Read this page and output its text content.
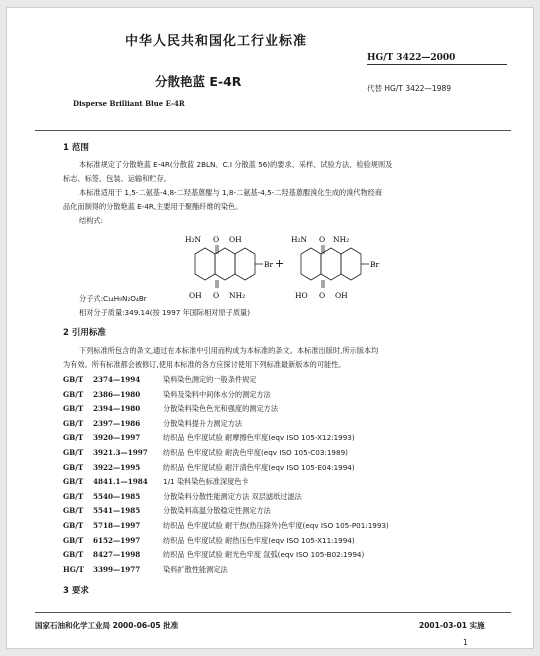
中华人民共和国化工行业标准
HG/T 3422—2000
分散艳蓝 E-4R	代替 HG/T 3422—1989
Disperse Brilliant Blue E-4R
1 范围
本标准规定了分散艳蓝 E-4R(分散蓝 2BLN、C.I 分散蓝 56)的要求、采样、试验方法、检验规则及
标志、标签、包装、运输和贮存。
本标准适用于 1,5-二氨基-4,8-二羟基蒽醌与 1,8-二氨基-4,5-二羟基蒽醌溴化生成的溴代物经商
品化而制得的分散艳蓝 E-4R,主要用于聚酯纤维的染色。
结构式:
H₂N O OH
Br
OH O NH₂
+
H₂N O NH₂
Br
HO O OH
分子式:C₁₄H₉N₂O₄Br
相对分子质量:349.14(按 1997 年国际相对原子质量)
2 引用标准
下列标准所包含的条文,通过在本标准中引用而构成为本标准的条文。本标准出版时,所示版本均
为有效。所有标准都会被修订,使用本标准的各方应探讨使用下列标准最新版本的可能性。
GB/T 2374—1994	染料染色测定的一般条件规定
GB/T 2386—1980	染料及染料中间体水分的测定方法
GB/T 2394—1980	分散染料染色色光和强度的测定方法
GB/T 2397—1986	分散染料提升力测定方法
GB/T 3920—1997	纺织品 色牢度试验 耐摩擦色牢度(eqv ISO 105-X12:1993)
GB/T 3921.3—1997 纺织品 色牢度试验 耐洗色牢度(eqv ISO 105-C03:1989)
GB/T 3922—1995	纺织品 色牢度试验 耐汗渍色牢度(eqv ISO 105-E04:1994)
GB/T 4841.1—1984 1/1 染料染色标准深度色卡
GB/T 5540—1985	分散染料分散性能测定方法 双层滤纸过滤法
GB/T 5541—1985	分散染料高温分散稳定性测定方法
GB/T 5718—1997	纺织品 色牢度试验 耐干热(热压除外)色牢度(eqv ISO 105-P01:1993)
GB/T 6152—1997	纺织品 色牢度试验 耐热压色牢度(eqv ISO 105-X11:1994)
GB/T 8427—1998	纺织品 色牢度试验 耐光色牢度 氙弧(eqv ISO 105-B02:1994)
HG/T 3399—1977	染料扩散性能测定法
3 要求
国家石油和化学工业局 2000-06-05 批准	2001-03-01 实施
1
